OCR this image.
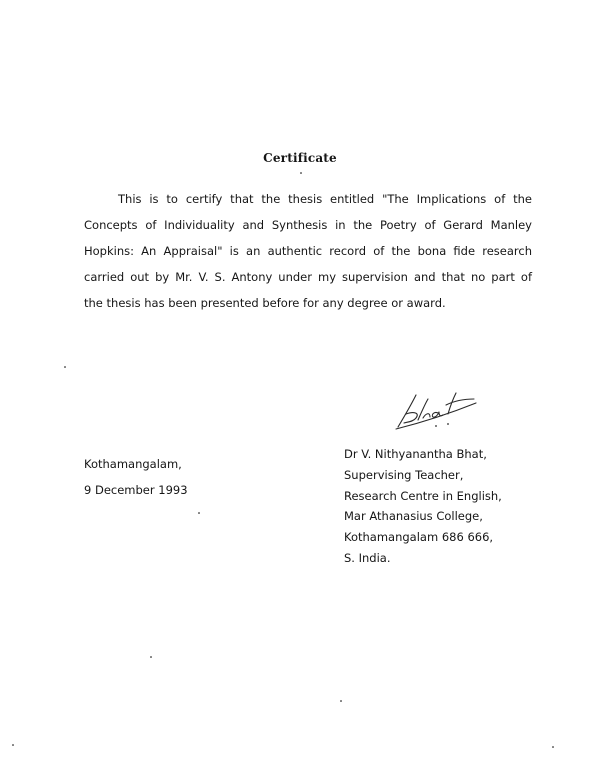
Certificate
This is to certify that the thesis entitled "The Implications of the
Concepts of Individuality and Synthesis in the Poetry of Gerard Manley
Hopkins: An Appraisal" is an authentic record of the bona fide research
carried out by Mr. V. S. Antony under my supervision and that no part of
the thesis has been presented before for any degree or award.
Kothamangalam,
9 December 1993
Dr V. Nithyanantha Bhat,
Supervising Teacher,
Research Centre in English,
Mar Athanasius College,
Kothamangalam 686 666,
S. India.
